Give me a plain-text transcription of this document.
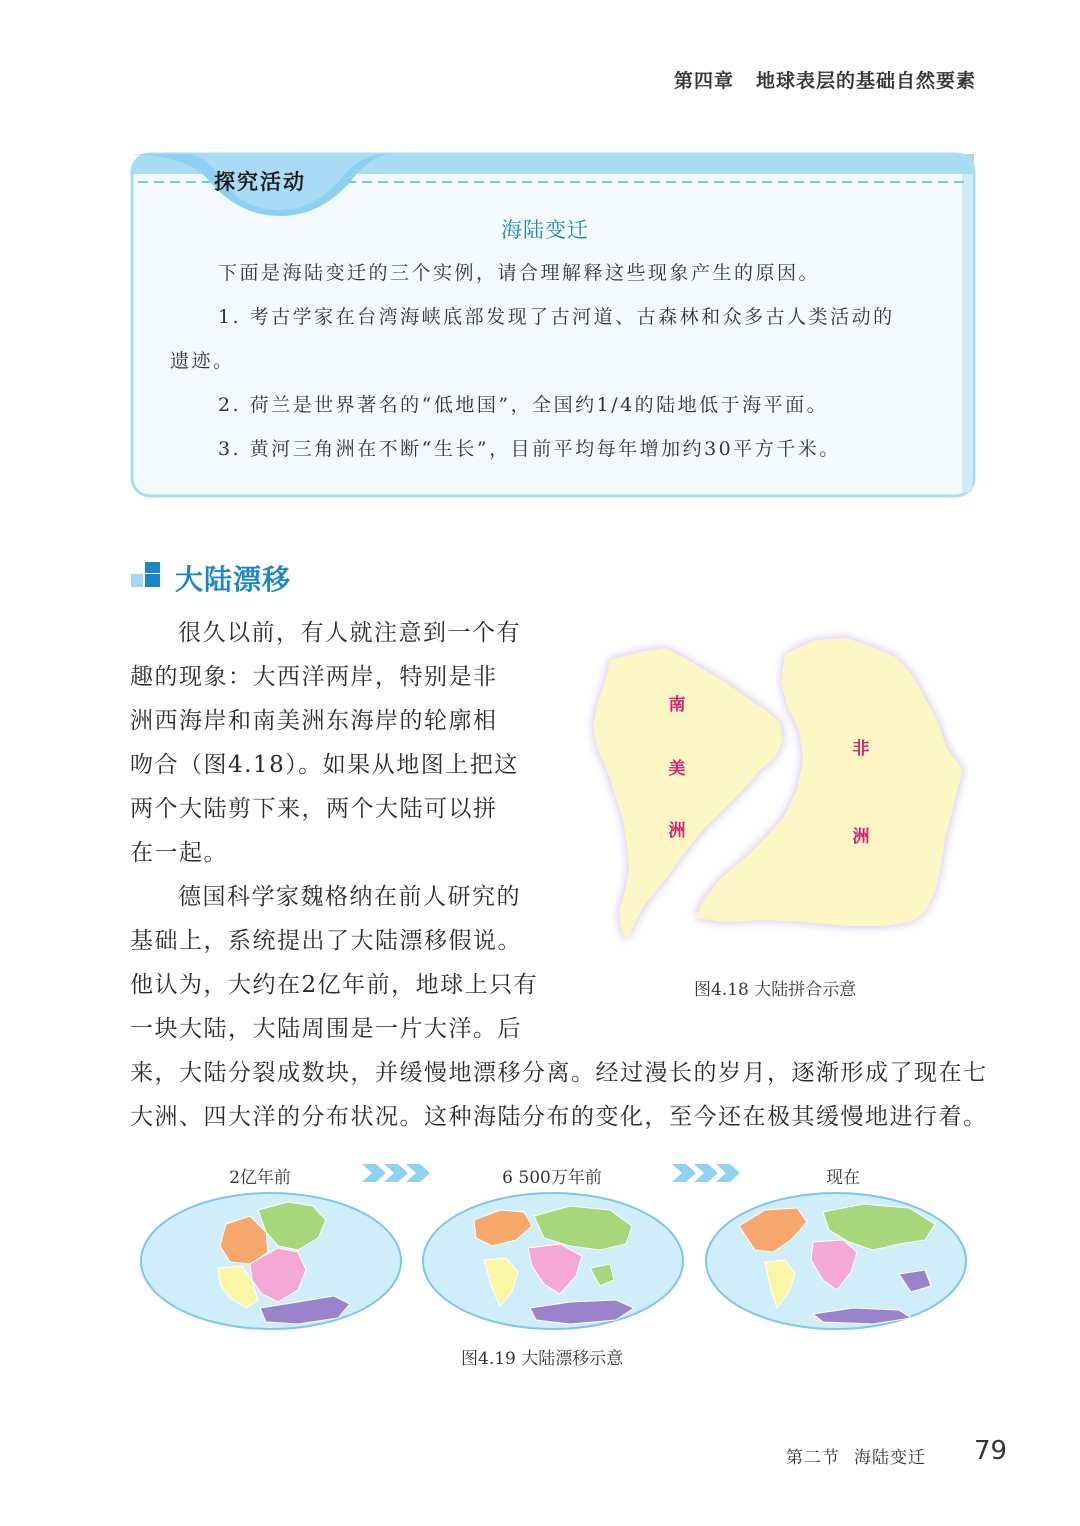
第四章 地球表层的基础自然要素
探究活动
海陆变迁
下面是海陆变迁的三个实例，请合理解释这些现象产生的原因。
1. 考古学家在台湾海峡底部发现了古河道、古森林和众多古人类活动的
遗迹。
2. 荷兰是世界著名的“低地国”，全国约1/4的陆地低于海平面。
3. 黄河三角洲在不断“生长”，目前平均每年增加约30平方千米。
大陆漂移
很久以前，有人就注意到一个有
趣的现象：大西洋两岸，特别是非
洲西海岸和南美洲东海岸的轮廓相
吻合（图4.18）。如果从地图上把这
两个大陆剪下来，两个大陆可以拼
在一起。
德国科学家魏格纳在前人研究的
基础上，系统提出了大陆漂移假说。
他认为，大约在2亿年前，地球上只有
一块大陆，大陆周围是一片大洋。后
来，大陆分裂成数块，并缓慢地漂移分离。经过漫长的岁月，逐渐形成了现在七
大洲、四大洋的分布状况。这种海陆分布的变化，至今还在极其缓慢地进行着。
南
美
洲
非
洲
图4.18 大陆拼合示意
2亿年前	6 500万年前	现在
图4.19 大陆漂移示意
第二节 海陆变迁 79
